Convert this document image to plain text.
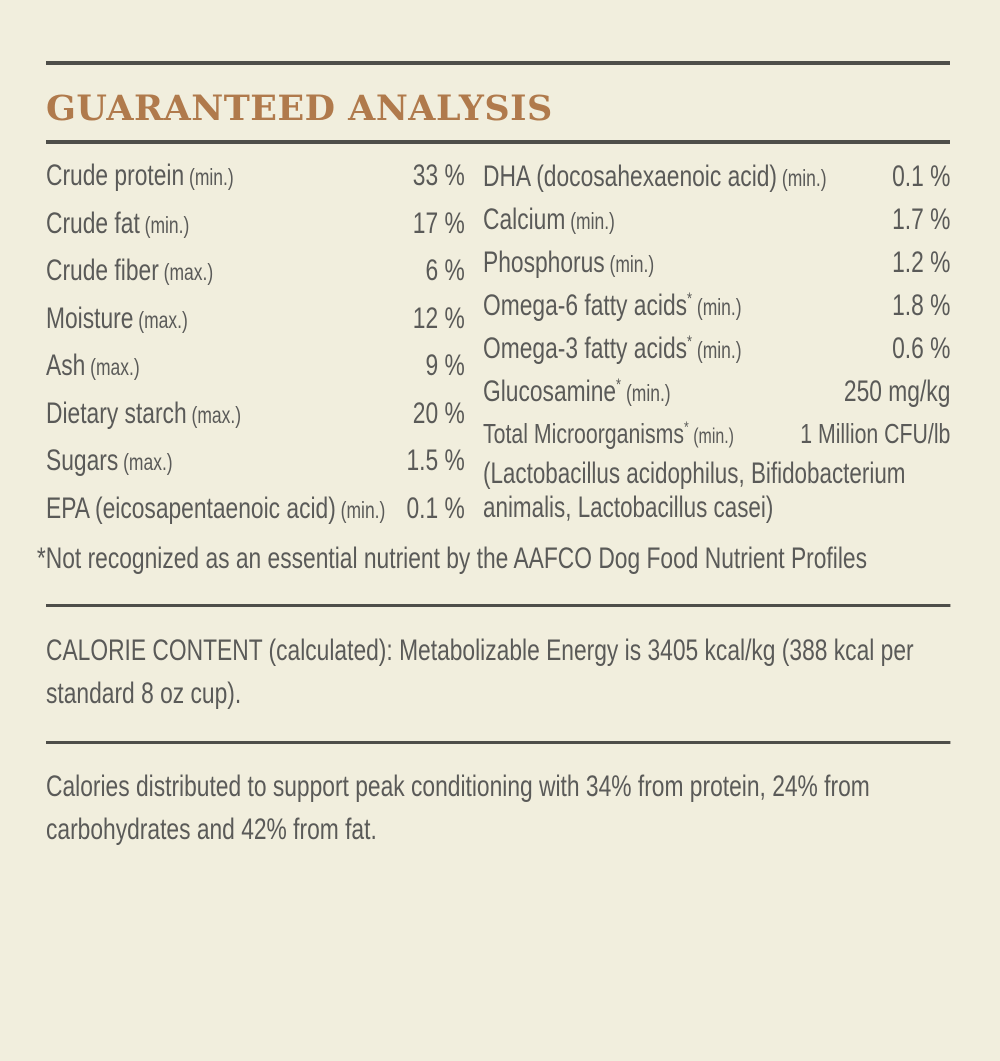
GUARANTEED ANALYSIS
Crude protein (min.)	33 %
Crude fat (min.)	17 %
Crude fiber (max.)	6 %
Moisture (max.)	12 %
Ash (max.)	9 %
Dietary starch (max.)	20 %
Sugars (max.)	1.5 %
EPA (eicosapentaenoic acid) (min.) 0.1 %
DHA (docosahexaenoic acid) (min.) 0.1 %
Calcium (min.)	1.7 %
Phosphorus (min.)	1.2 %
Omega-6 fatty acids* (min.)	1.8 %
Omega-3 fatty acids* (min.)	0.6 %
Glucosamine* (min.)	250 mg/kg
Total Microorganisms* (min.) 1 Million CFU/lb
(Lactobacillus acidophilus, Bifidobacterium
animalis, Lactobacillus casei)

*Not recognized as an essential nutrient by the AAFCO Dog Food Nutrient Profiles

CALORIE CONTENT (calculated): Metabolizable Energy is 3405 kcal/kg (388 kcal per
standard 8 oz cup).
Calories distributed to support peak conditioning with 34% from protein, 24% from
carbohydrates and 42% from fat.
